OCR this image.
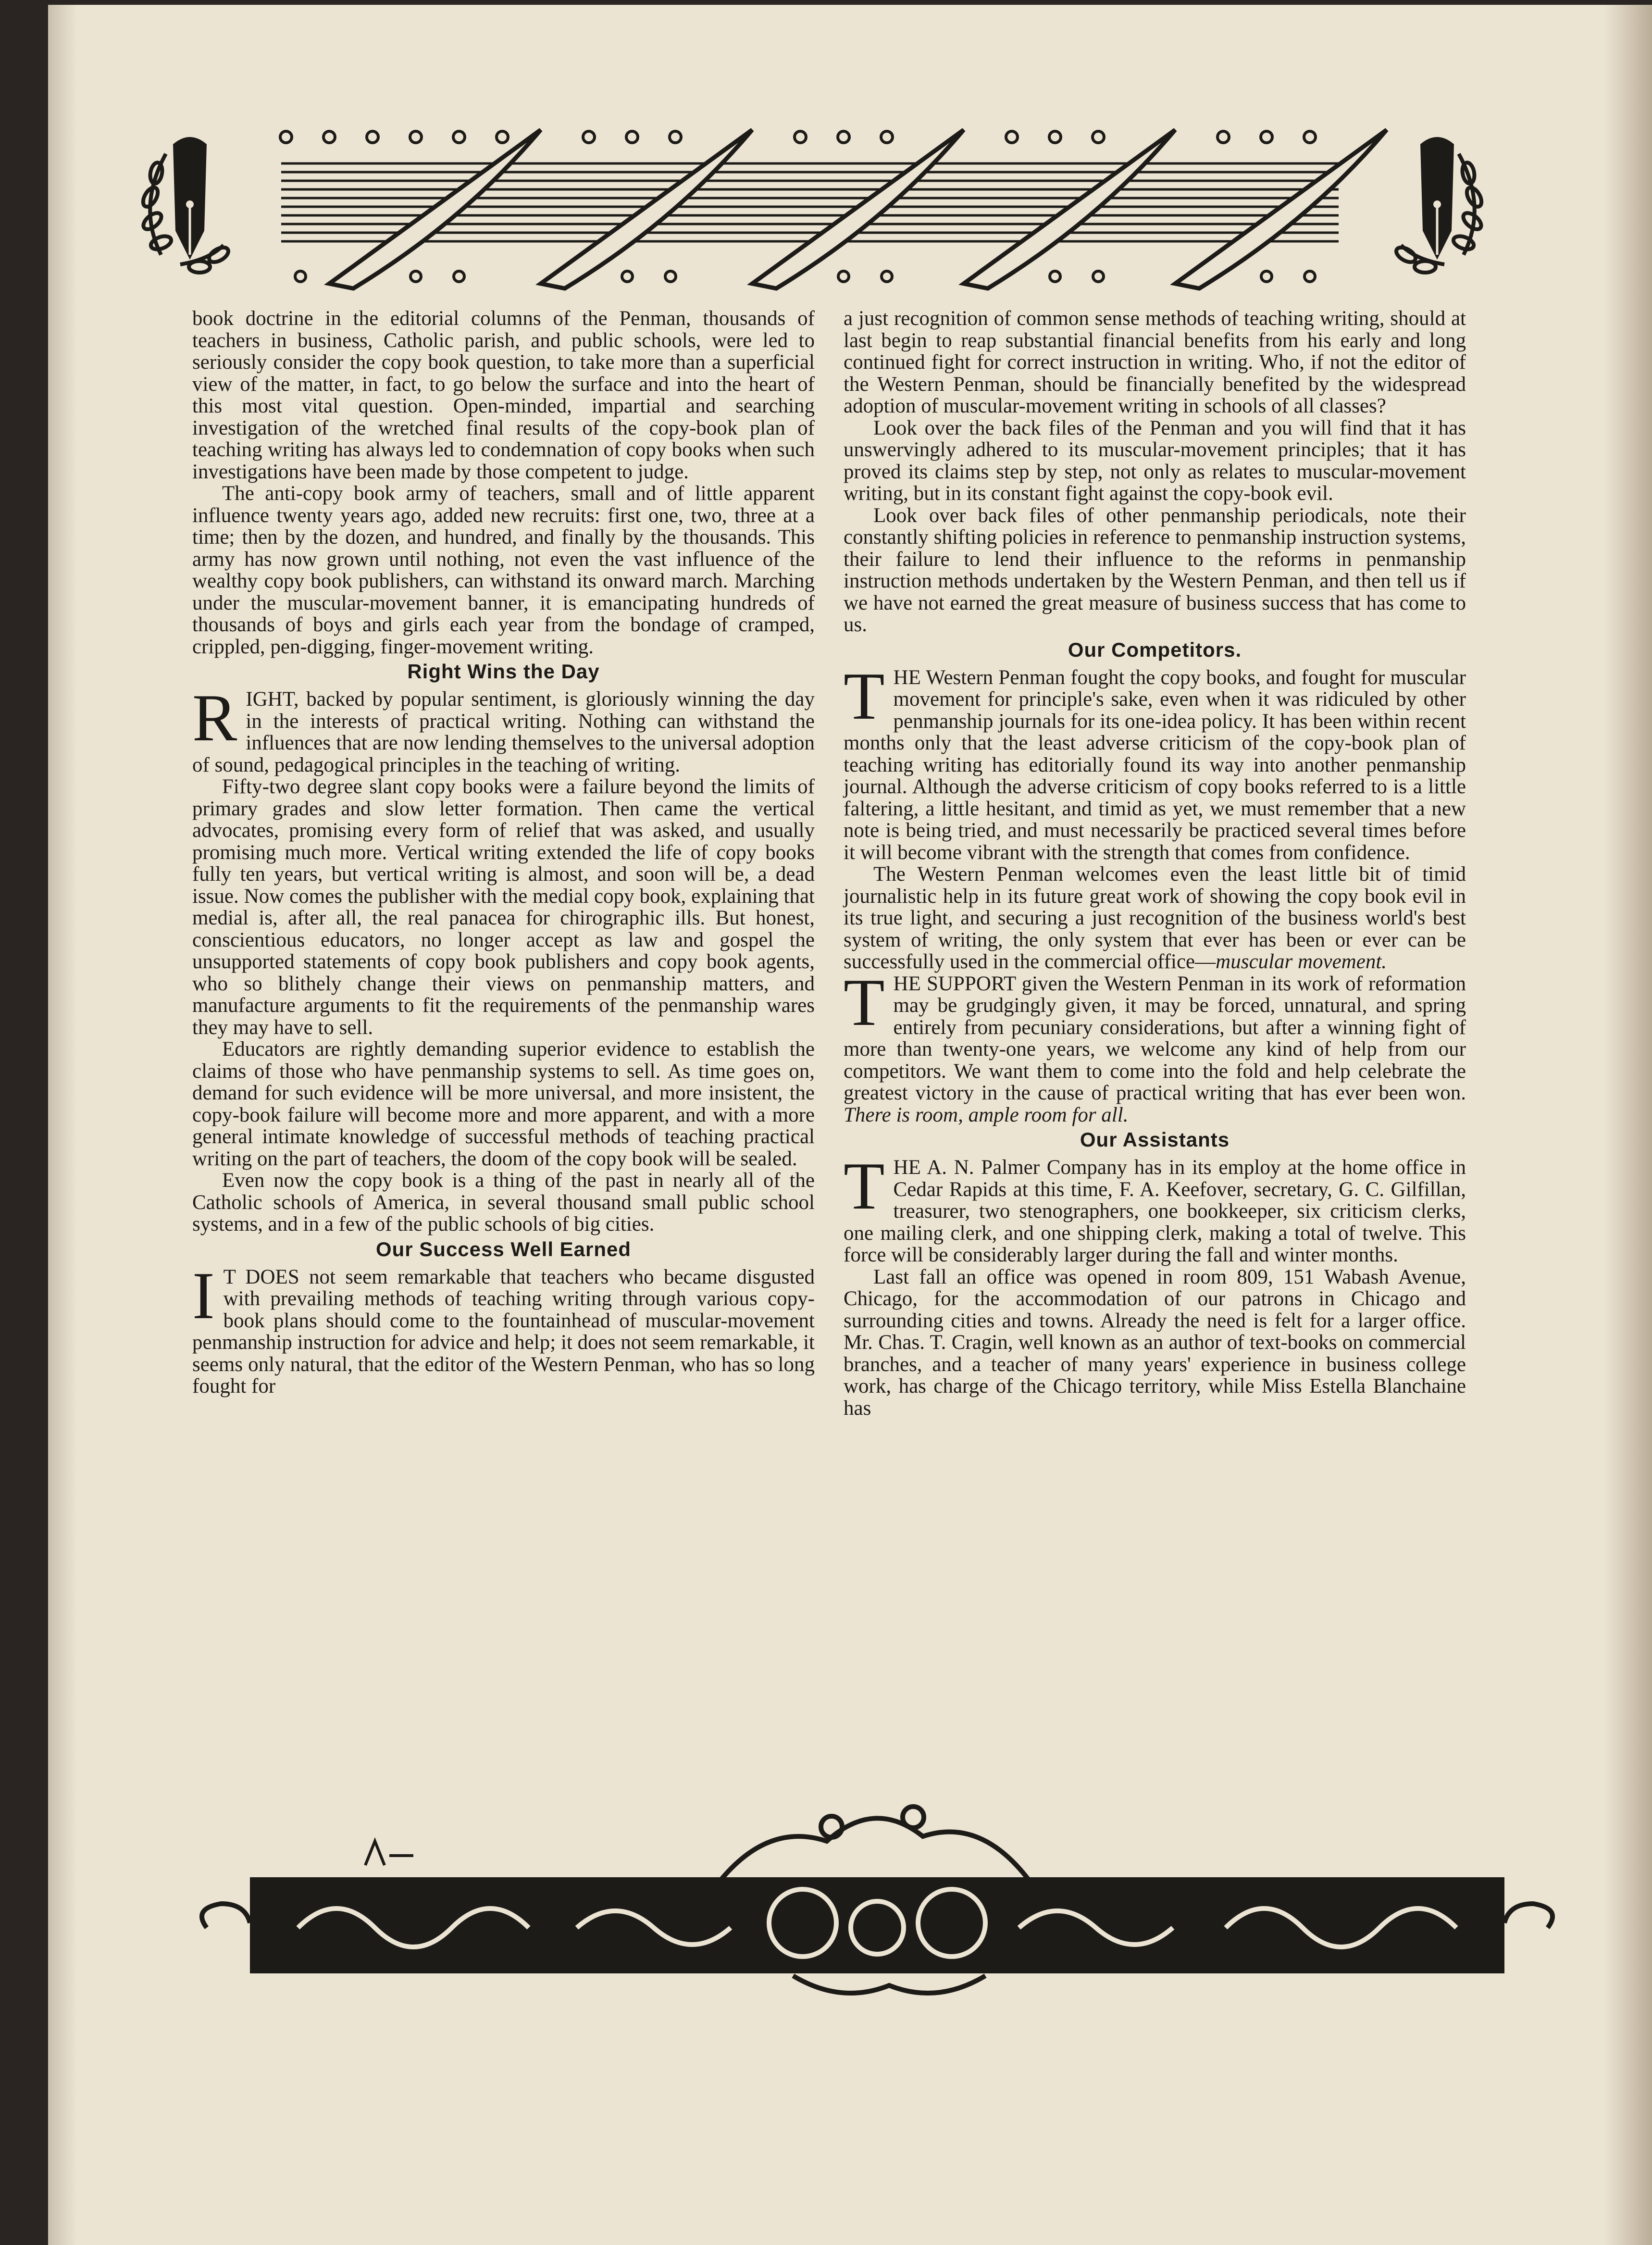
book doctrine in the editorial columns of the Penman, thousands of teachers in business, Catholic parish, and public schools, were led to seriously consider the copy book question, to take more than a superficial view of the matter, in fact, to go below the surface and into the heart of this most vital question. Open-minded, impartial and searching investigation of the wretched final results of the copy-book plan of teaching writing has always led to condemnation of copy books when such investigations have been made by those competent to judge.

The anti-copy book army of teachers, small and of little apparent influence twenty years ago, added new recruits: first one, two, three at a time; then by the dozen, and hundred, and finally by the thousands. This army has now grown until nothing, not even the vast influence of the wealthy copy book publishers, can withstand its onward march. Marching under the muscular-movement banner, it is emancipating hundreds of thousands of boys and girls each year from the bondage of cramped, crippled, pen-digging, finger-movement writing.

Right Wins the Day

RIGHT, backed by popular sentiment, is gloriously winning the day in the interests of practical writing. Nothing can withstand the influences that are now lending themselves to the universal adoption of sound, pedagogical principles in the teaching of writing.

Fifty-two degree slant copy books were a failure beyond the limits of primary grades and slow letter formation. Then came the vertical advocates, promising every form of relief that was asked, and usually promising much more. Vertical writing extended the life of copy books fully ten years, but vertical writing is almost, and soon will be, a dead issue. Now comes the publisher with the medial copy book, explaining that medial is, after all, the real panacea for chirographic ills. But honest, conscientious educators, no longer accept as law and gospel the unsupported statements of copy book publishers and copy book agents, who so blithely change their views on penmanship matters, and manufacture arguments to fit the requirements of the penmanship wares they may have to sell.

Educators are rightly demanding superior evidence to establish the claims of those who have penmanship systems to sell. As time goes on, demand for such evidence will be more universal, and more insistent, the copy-book failure will become more and more apparent, and with a more general intimate knowledge of successful methods of teaching practical writing on the part of teachers, the doom of the copy book will be sealed.

Even now the copy book is a thing of the past in nearly all of the Catholic schools of America, in several thousand small public school systems, and in a few of the public schools of big cities.

Our Success Well Earned

I T DOES not seem remarkable that teachers who became disgusted with prevailing methods of teaching writing through various copy-book plans should come to the fountainhead of muscular-movement penmanship instruction for advice and help; it does not seem remarkable, it seems only natural, that the editor of the Western Penman, who has so long fought for

a just recognition of common sense methods of teaching writing, should at last begin to reap substantial financial benefits from his early and long continued fight for correct instruction in writing. Who, if not the editor of the Western Penman, should be financially benefited by the widespread adoption of muscular-movement writing in schools of all classes?

Look over the back files of the Penman and you will find that it has unswervingly adhered to its muscular-movement principles; that it has proved its claims step by step, not only as relates to muscular-movement writing, but in its constant fight against the copy-book evil.

Look over back files of other penmanship periodicals, note their constantly shifting policies in reference to penmanship instruction systems, their failure to lend their influence to the reforms in penmanship instruction methods undertaken by the Western Penman, and then tell us if we have not earned the great measure of business success that has come to us.

Our Competitors.

THE Western Penman fought the copy books, and fought for muscular movement for principle's sake, even when it was ridiculed by other penmanship journals for its one-idea policy. It has been within recent months only that the least adverse criticism of the copy-book plan of teaching writing has editorially found its way into another penmanship journal. Although the adverse criticism of copy books referred to is a little faltering, a little hesitant, and timid as yet, we must remember that a new note is being tried, and must necessarily be practiced several times before it will become vibrant with the strength that comes from confidence.

The Western Penman welcomes even the least little bit of timid journalistic help in its future great work of showing the copy book evil in its true light, and securing a just recognition of the business world's best system of writing, the only system that ever has been or ever can be successfully used in the commercial office—muscular movement.

THE SUPPORT given the Western Penman in its work of reformation may be grudgingly given, it may be forced, unnatural, and spring entirely from pecuniary considerations, but after a winning fight of more than twenty-one years, we welcome any kind of help from our competitors. We want them to come into the fold and help celebrate the greatest victory in the cause of practical writing that has ever been won. There is room, ample room for all.

Our Assistants

THE A. N. Palmer Company has in its employ at the home office in Cedar Rapids at this time, F. A. Keefover, secretary, G. C. Gilfillan, treasurer, two stenographers, one bookkeeper, six criticism clerks, one mailing clerk, and one shipping clerk, making a total of twelve. This force will be considerably larger during the fall and winter months.

Last fall an office was opened in room 809, 151 Wabash Avenue, Chicago, for the accommodation of our patrons in Chicago and surrounding cities and towns. Already the need is felt for a larger office. Mr. Chas. T. Cragin, well known as an author of text-books on commercial branches, and a teacher of many years' experience in business college work, has charge of the Chicago territory, while Miss Estella Blanchaine has
